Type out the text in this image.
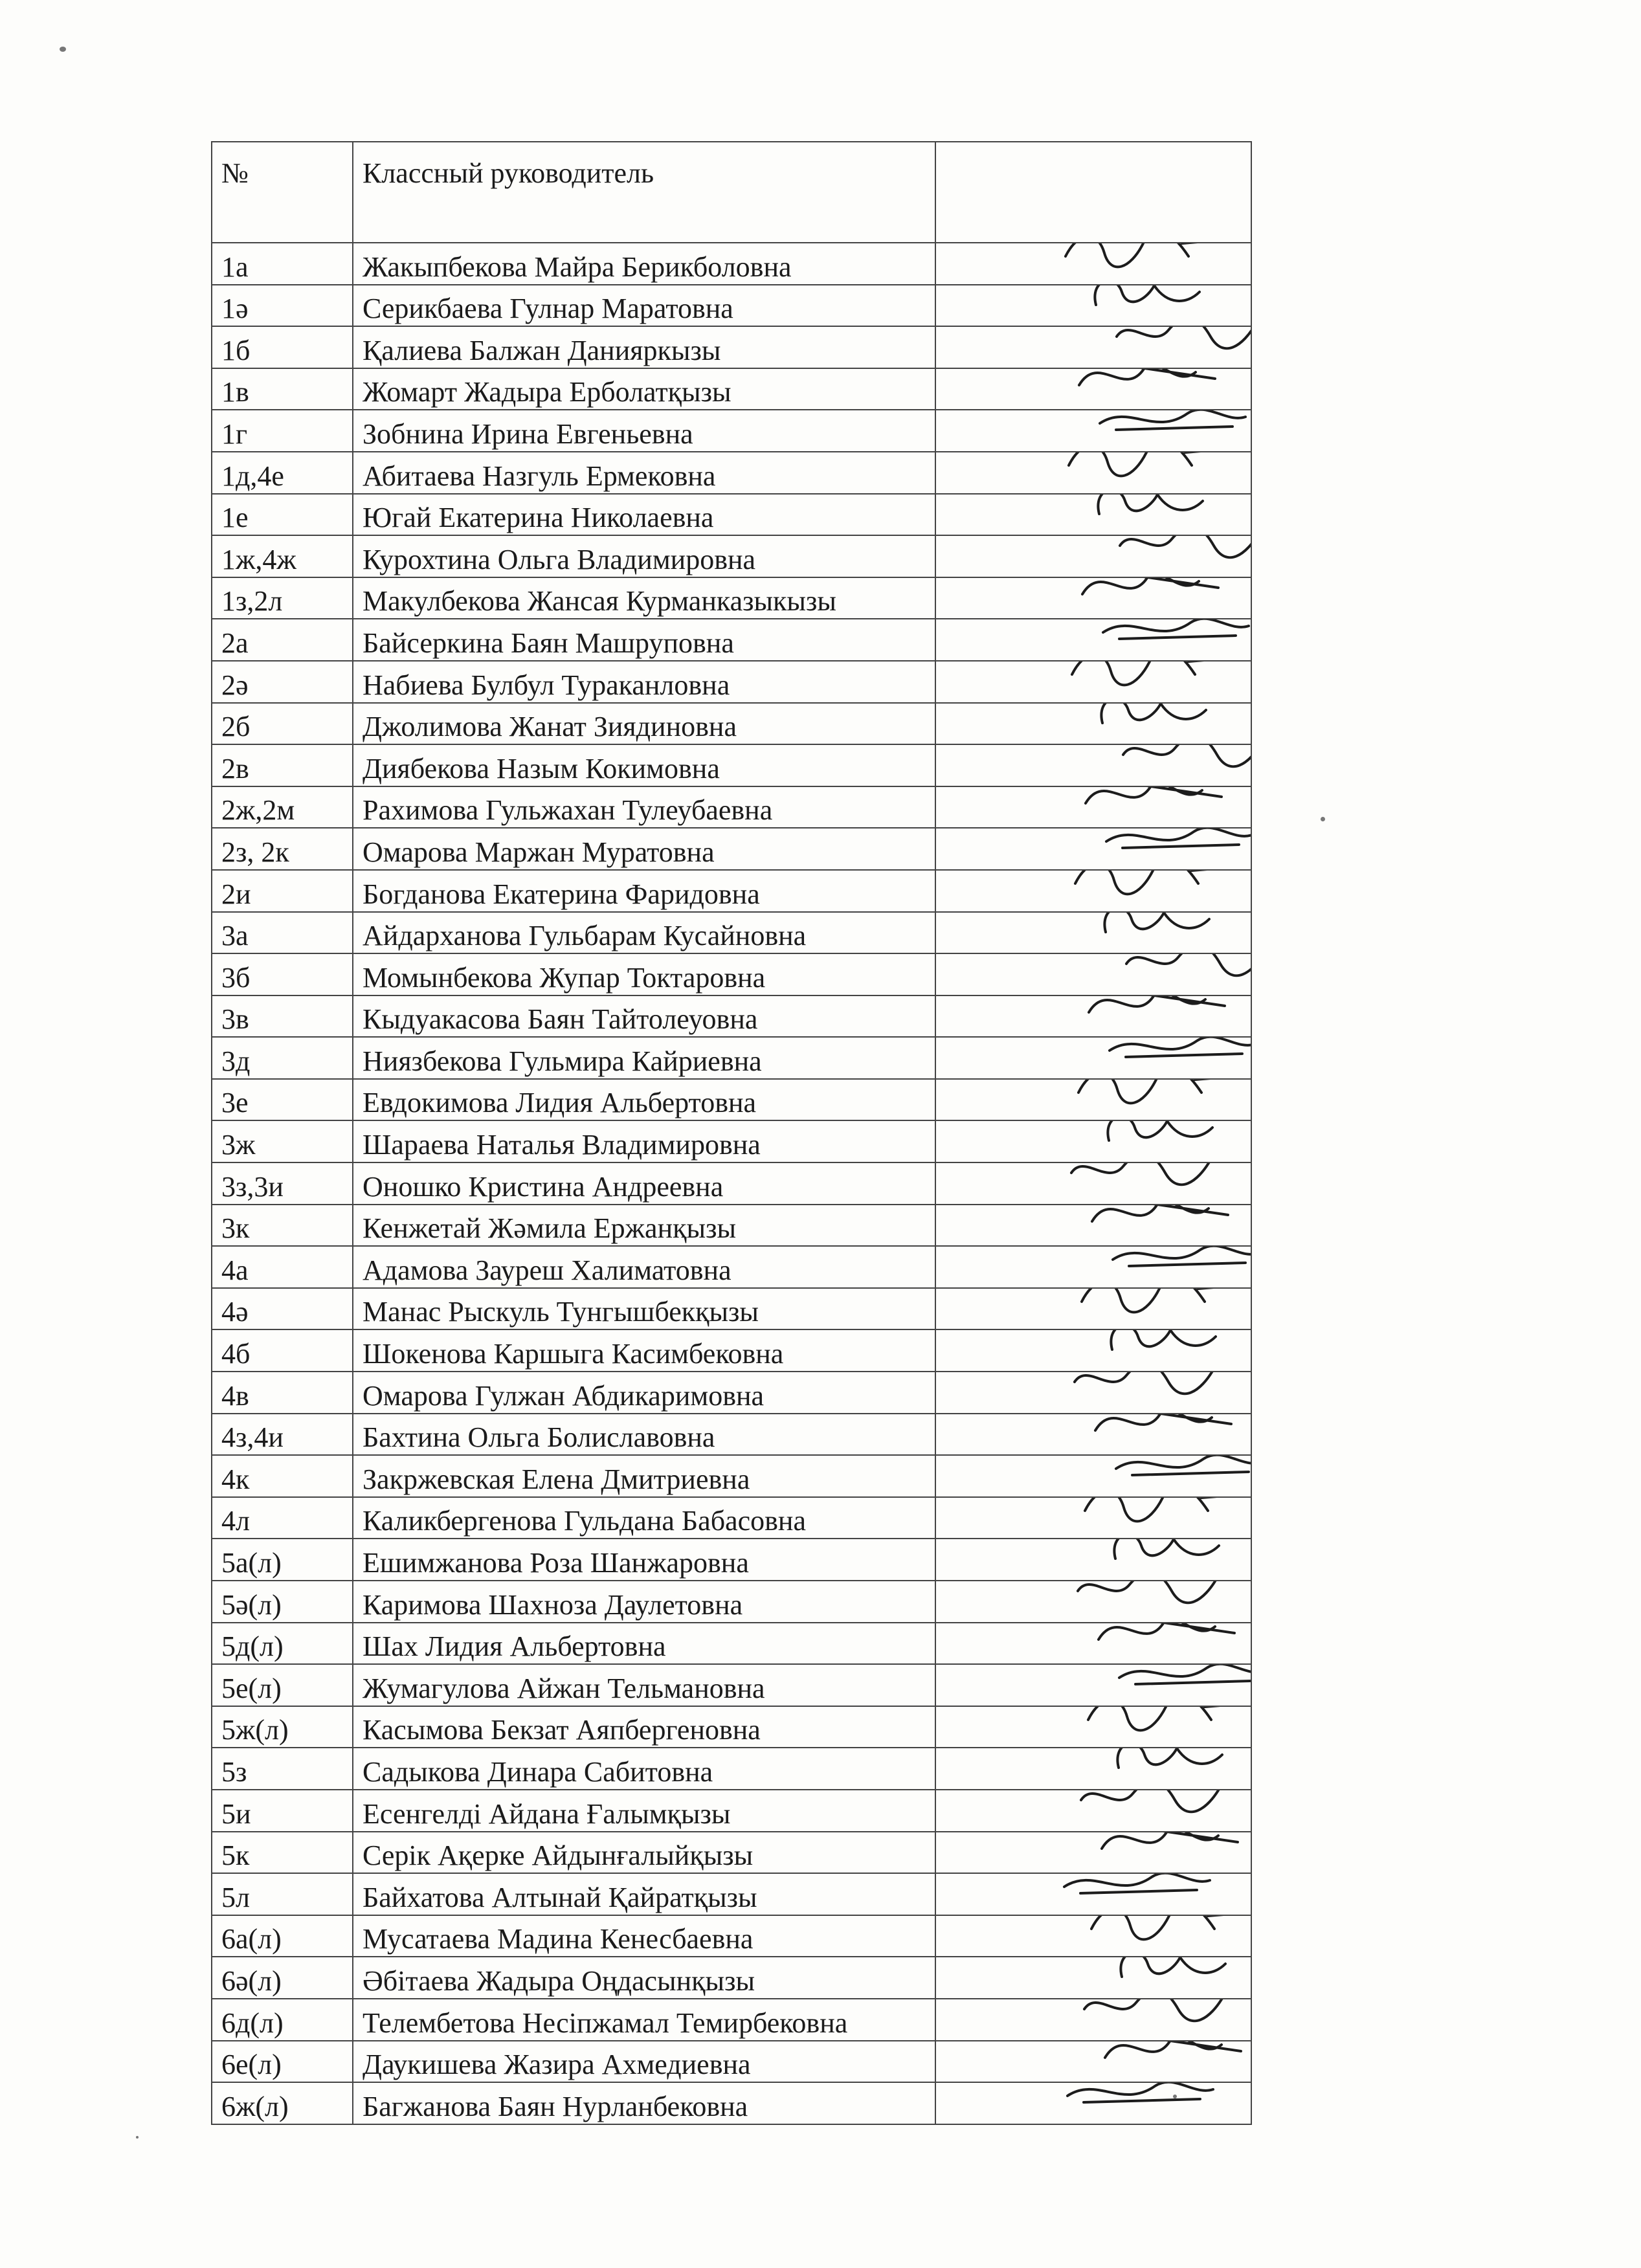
№	Классный руководитель	
1а	Жакыпбекова Майра Берикболовна	

1ә	Серикбаева Гулнар Маратовна	

1б	Қалиева Балжан Данияркызы	

1в	Жомарт Жадыра Ерболатқызы	

1г	Зобнина Ирина Евгеньевна	

1д,4е	Абитаева Назгуль Ермековна	

1е	Югай Екатерина Николаевна	

1ж,4ж	Курохтина Ольга Владимировна	

1з,2л	Макулбекова Жансая Курманказыкызы	

2а	Байсеркина Баян Машруповна	

2ә	Набиева Булбул Тураканловна	

2б	Джолимова Жанат Зиядиновна	

2в	Диябекова Назым Кокимовна	

2ж,2м	Рахимова Гульжахан Тулеубаевна	

2з, 2к	Омарова Маржан Муратовна	

2и	Богданова Екатерина Фаридовна	

3а	Айдарханова Гульбарам Кусайновна	

3б	Момынбекова Жупар Токтаровна	

3в	Кыдуакасова Баян Тайтолеуовна	

3д	Ниязбекова Гульмира Кайриевна	

3е	Евдокимова Лидия Альбертовна	

3ж	Шараева Наталья Владимировна	

3з,3и	Оношко Кристина Андреевна	

3к	Кенжетай Жәмила Ержанқызы	

4а	Адамова Зауреш Халиматовна	

4ә	Манас Рыскуль Тунгышбекқызы	

4б	Шокенова Каршыга Касимбековна	

4в	Омарова Гулжан Абдикаримовна	

4з,4и	Бахтина Ольга Болиславовна	

4к	Закржевская Елена Дмитриевна	

4л	Каликбергенова Гульдана Бабасовна	

5а(л)	Ешимжанова Роза Шанжаровна	

5ә(л)	Каримова Шахноза Даулетовна	

5д(л)	Шах Лидия Альбертовна	

5е(л)	Жумагулова Айжан Тельмановна	

5ж(л)	Касымова Бекзат Аяпбергеновна	

5з	Садыкова Динара Сабитовна	

5и	Есенгелді Айдана Ғалымқызы	

5к	Серік Ақерке Айдынғалыйқызы	

5л	Байхатова Алтынай Қайратқызы	

6а(л)	Мусатаева Мадина Кенесбаевна	

6ә(л)	Әбітаева Жадыра Оңдасынқызы	

6д(л)	Телембетова Несіпжамал Темирбековна	

6е(л)	Даукишева Жазира Ахмедиевна	

6ж(л)	Багжанова Баян Нурланбековна	
